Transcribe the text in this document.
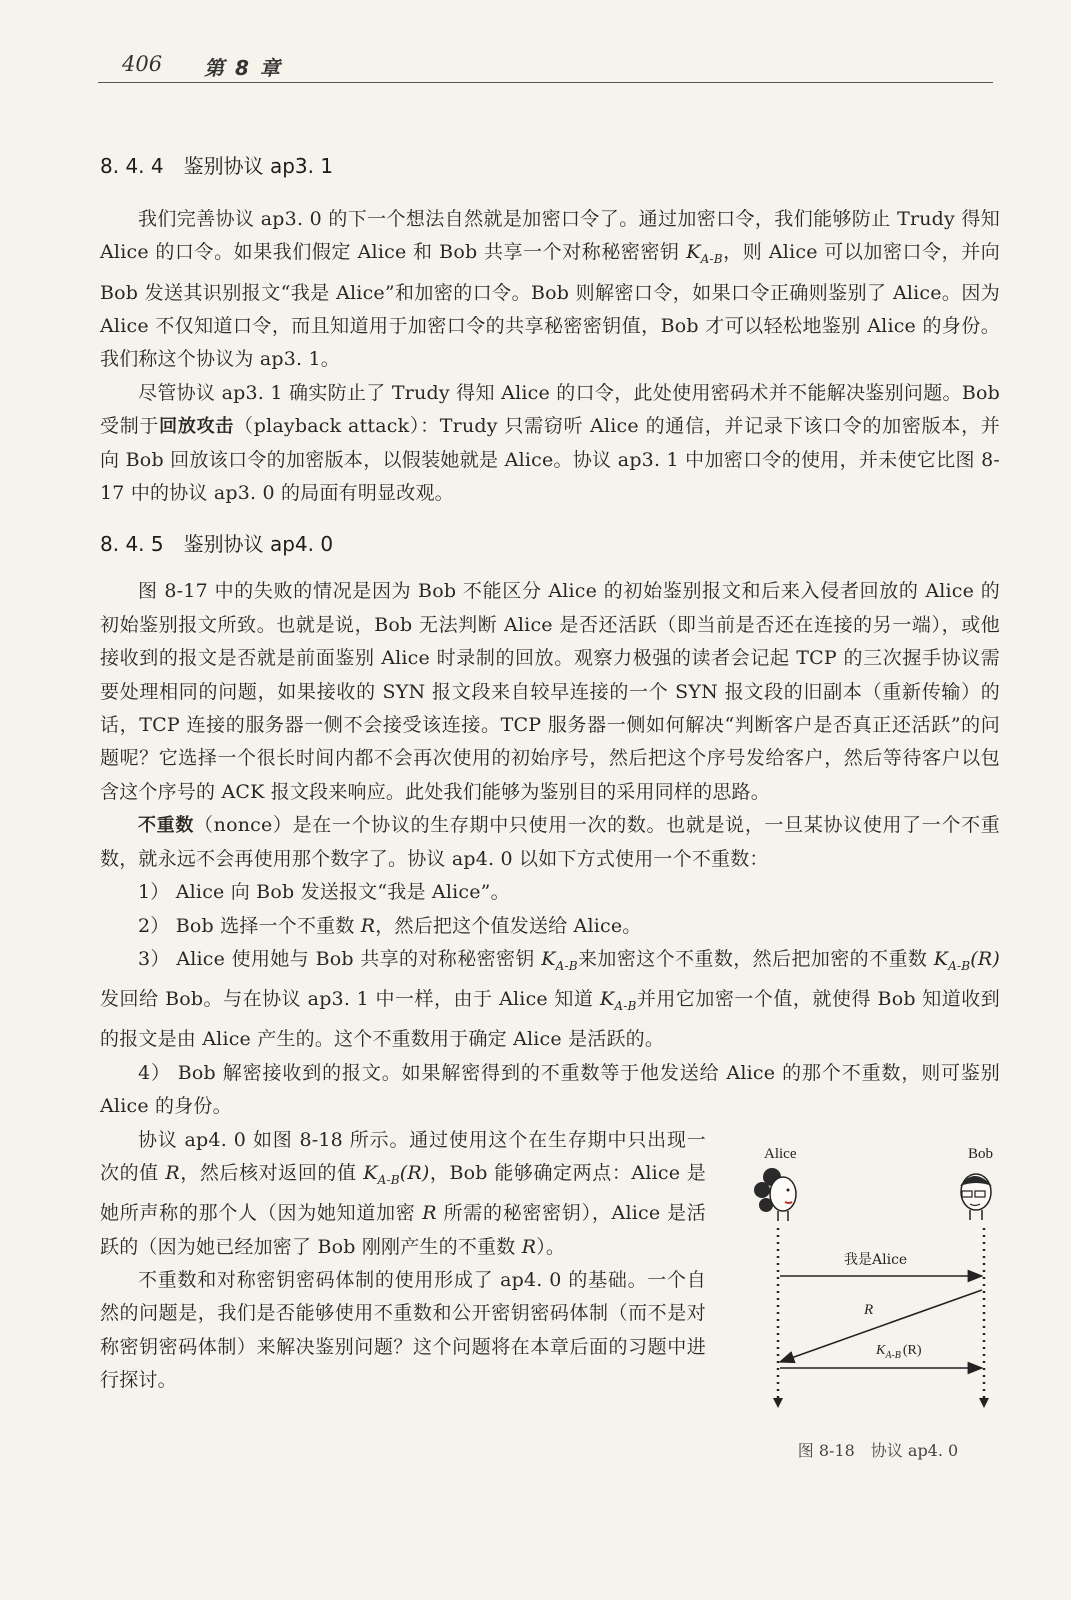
406 第 8 章
8. 4. 4 鉴别协议 ap3. 1

我们完善协议 ap3. 0 的下一个想法自然就是加密口令了。通过加密口令，我们能够防止 Trudy 得知 Alice 的口令。如果我们假定 Alice 和 Bob 共享一个对称秘密密钥 $K_{A-B}$，则 Alice 可以加密口令，并向 Bob 发送其识别报文“我是 Alice”和加密的口令。Bob 则解密口令，如果口令正确则鉴别了 Alice。因为 Alice 不仅知道口令，而且知道用于加密口令的共享秘密密钥值，Bob 才可以轻松地鉴别 Alice 的身份。我们称这个协议为 ap3. 1。

尽管协议 ap3. 1 确实防止了 Trudy 得知 Alice 的口令，此处使用密码术并不能解决鉴别问题。Bob 受制于回放攻击（playback attack）：Trudy 只需窃听 Alice 的通信，并记录下该口令的加密版本，并向 Bob 回放该口令的加密版本，以假装她就是 Alice。协议 ap3. 1 中加密口令的使用，并未使它比图 8-17 中的协议 ap3. 0 的局面有明显改观。

8. 4. 5 鉴别协议 ap4. 0

图 8-17 中的失败的情况是因为 Bob 不能区分 Alice 的初始鉴别报文和后来入侵者回放的 Alice 的初始鉴别报文所致。也就是说，Bob 无法判断 Alice 是否还活跃（即当前是否还在连接的另一端），或他接收到的报文是否就是前面鉴别 Alice 时录制的回放。观察力极强的读者会记起 TCP 的三次握手协议需要处理相同的问题，如果接收的 SYN 报文段来自较早连接的一个 SYN 报文段的旧副本（重新传输）的话，TCP 连接的服务器一侧不会接受该连接。TCP 服务器一侧如何解决“判断客户是否真正还活跃”的问题呢？它选择一个很长时间内都不会再次使用的初始序号，然后把这个序号发给客户，然后等待客户以包含这个序号的 ACK 报文段来响应。此处我们能够为鉴别目的采用同样的思路。

不重数（nonce）是在一个协议的生存期中只使用一次的数。也就是说，一旦某协议使用了一个不重数，就永远不会再使用那个数字了。协议 ap4. 0 以如下方式使用一个不重数：

1） Alice 向 Bob 发送报文“我是 Alice”。

2） Bob 选择一个不重数 R，然后把这个值发送给 Alice。

3） Alice 使用她与 Bob 共享的对称秘密密钥 $K_{A-B}$来加密这个不重数，然后把加密的不重数 $K_{A-B}(R)$发回给 Bob。与在协议 ap3. 1 中一样，由于 Alice 知道 $K_{A-B}$并用它加密一个值，就使得 Bob 知道收到的报文是由 Alice 产生的。这个不重数用于确定 Alice 是活跃的。

4） Bob 解密接收到的报文。如果解密得到的不重数等于他发送给 Alice 的那个不重数，则可鉴别 Alice 的身份。

协议 ap4. 0 如图 8-18 所示。通过使用这个在生存期中只出现一次的值 R，然后核对返回的值 $K_{A-B}(R)$，Bob 能够确定两点：Alice 是她所声称的那个人（因为她知道加密 R 所需的秘密密钥），Alice 是活跃的（因为她已经加密了 Bob 刚刚产生的不重数 R）。

不重数和对称密钥密码体制的使用形成了 ap4. 0 的基础。一个自然的问题是，我们是否能够使用不重数和公开密钥密码体制（而不是对称密钥密码体制）来解决鉴别问题？这个问题将在本章后面的习题中进行探讨。

Alice	Bob
我是Alice
R
$K_{A-B}$ (R)
图 8-18　协议 ap4. 0
